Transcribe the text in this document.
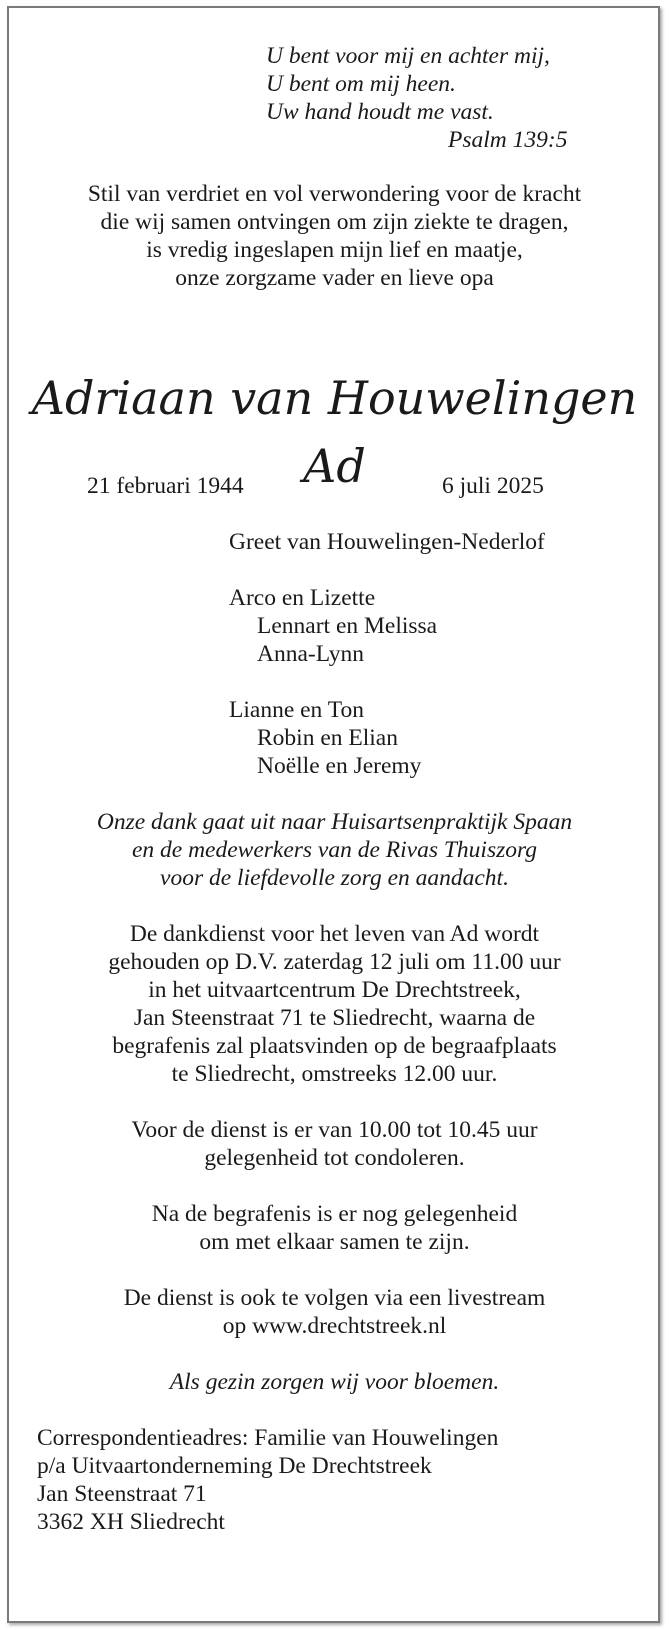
U bent voor mij en achter mij,

U bent om mij heen.

Uw hand houdt me vast.

Psalm 139:5

Stil van verdriet en vol verwondering voor de kracht

die wij samen ontvingen om zijn ziekte te dragen,

is vredig ingeslapen mijn lief en maatje,

onze zorgzame vader en lieve opa

Adriaan van Houwelingen

Ad

21 februari 1944	6 juli 2025

Greet van Houwelingen-Nederlof

Arco en Lizette

Lennart en Melissa

Anna-Lynn

Lianne en Ton

Robin en Elian

Noëlle en Jeremy

Onze dank gaat uit naar Huisartsenpraktijk Spaan

en de medewerkers van de Rivas Thuiszorg

voor de liefdevolle zorg en aandacht.

De dankdienst voor het leven van Ad wordt

gehouden op D.V. zaterdag 12 juli om 11.00 uur

in het uitvaartcentrum De Drechtstreek,

Jan Steenstraat 71 te Sliedrecht, waarna de

begrafenis zal plaatsvinden op de begraafplaats

te Sliedrecht, omstreeks 12.00 uur.

Voor de dienst is er van 10.00 tot 10.45 uur

gelegenheid tot condoleren.

Na de begrafenis is er nog gelegenheid

om met elkaar samen te zijn.

De dienst is ook te volgen via een livestream

op www.drechtstreek.nl

Als gezin zorgen wij voor bloemen.

Correspondentieadres: Familie van Houwelingen

p/a Uitvaartonderneming De Drechtstreek

Jan Steenstraat 71

3362 XH Sliedrecht
